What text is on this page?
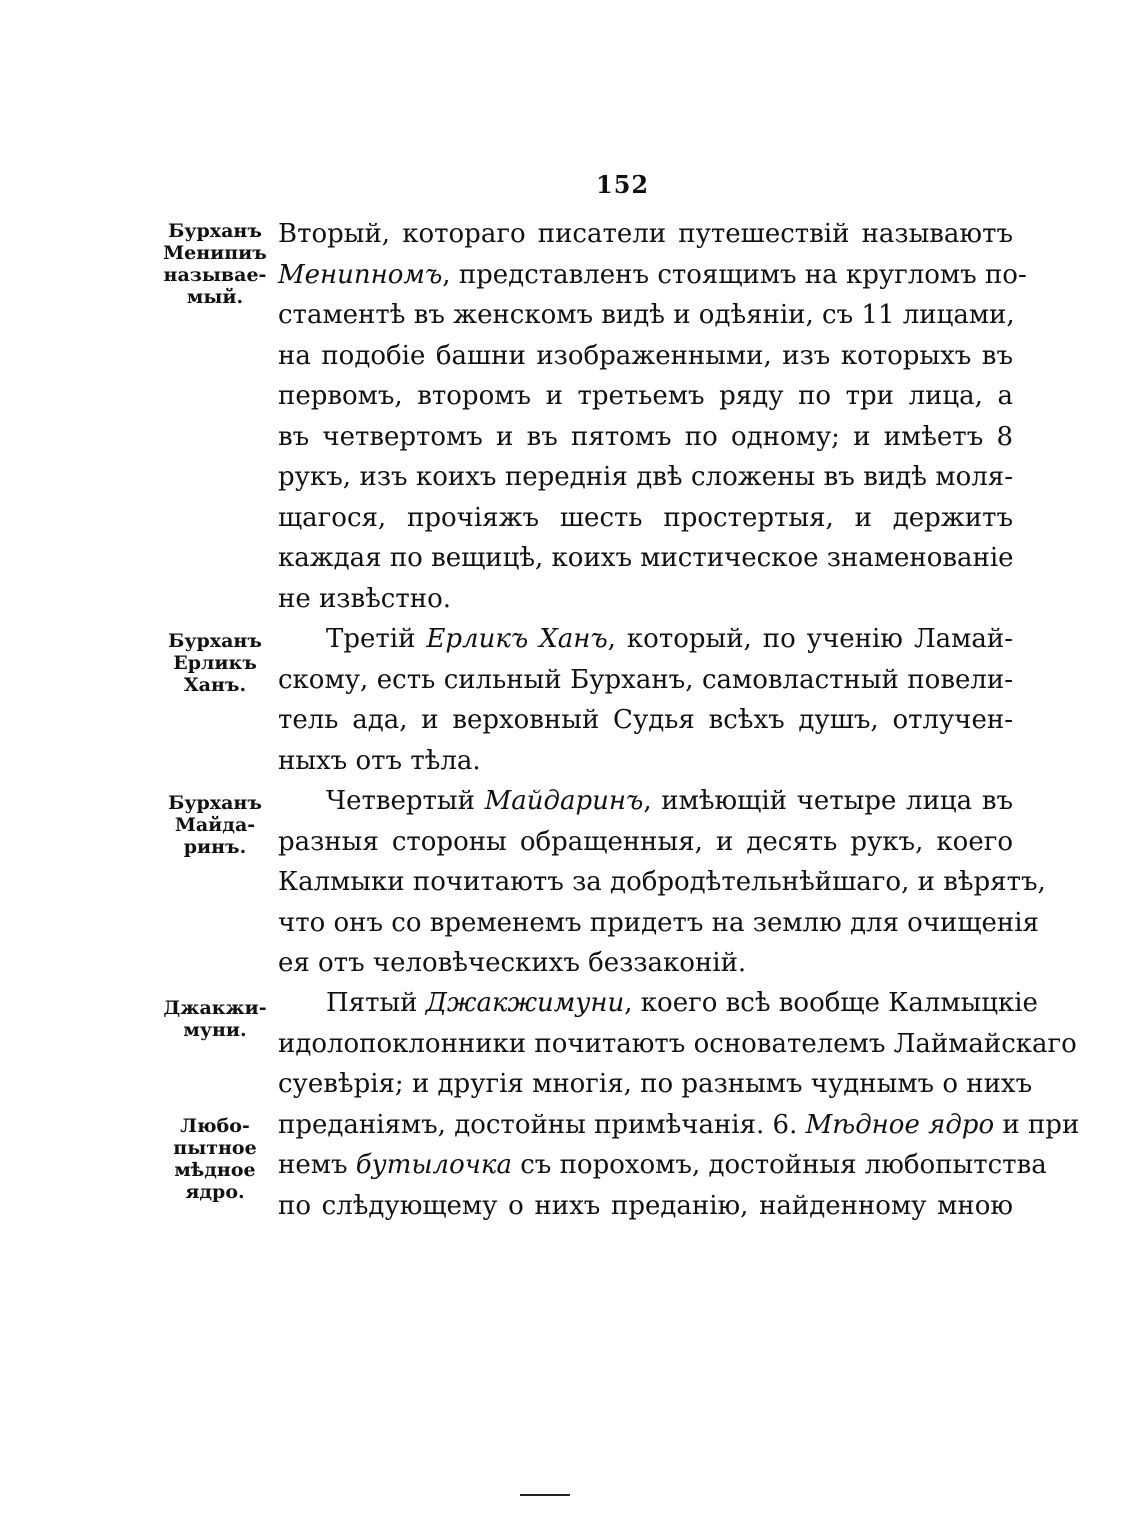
152
Бурханъ
Менипиъ
называе-
мый.
Бурханъ
Ерликъ
Ханъ.
Бурханъ
Майда-
ринъ.
Джакжи-
муни.
Любо-
пытное
мѣдное
ядро.
Вторый, котораго писатели путешествій называютъ
Менипномъ, представленъ стоящимъ на кругломъ по-
стаментѣ въ женскомъ видѣ и одѣяніи, съ 11 лицами,
на подобіе башни изображенными, изъ которыхъ въ
первомъ, второмъ и третьемъ ряду по три лица, а
въ четвертомъ и въ пятомъ по одному; и имѣетъ 8
рукъ, изъ коихъ переднія двѣ сложены въ видѣ моля-
щагося, прочіяжъ шесть простертыя, и держитъ
каждая по вещицѣ, коихъ мистическое знаменованіе
не извѣстно.
Третій Ерликъ Ханъ, который, по ученію Ламай-
скому, есть сильный Бурханъ, самовластный повели-
тель ада, и верховный Судья всѣхъ душъ, отлучен-
ныхъ отъ тѣла.
Четвертый Майдаринъ, имѣющій четыре лица въ
разныя стороны обращенныя, и десять рукъ, коего
Калмыки почитаютъ за добродѣтельнѣйшаго, и вѣрятъ,
что онъ со временемъ придетъ на землю для очищенія
ея отъ человѣческихъ беззаконій.
Пятый Джакжимуни, коего всѣ вообще Калмыцкіе
идолопоклонники почитаютъ основателемъ Лаймайскаго
суевѣрія; и другія многія, по разнымъ чуднымъ о нихъ
преданіямъ, достойны примѣчанія. 6. Мѣдное ядро и при
немъ бутылочка съ порохомъ, достойныя любопытства
по слѣдующему о нихъ преданію, найденному мною
